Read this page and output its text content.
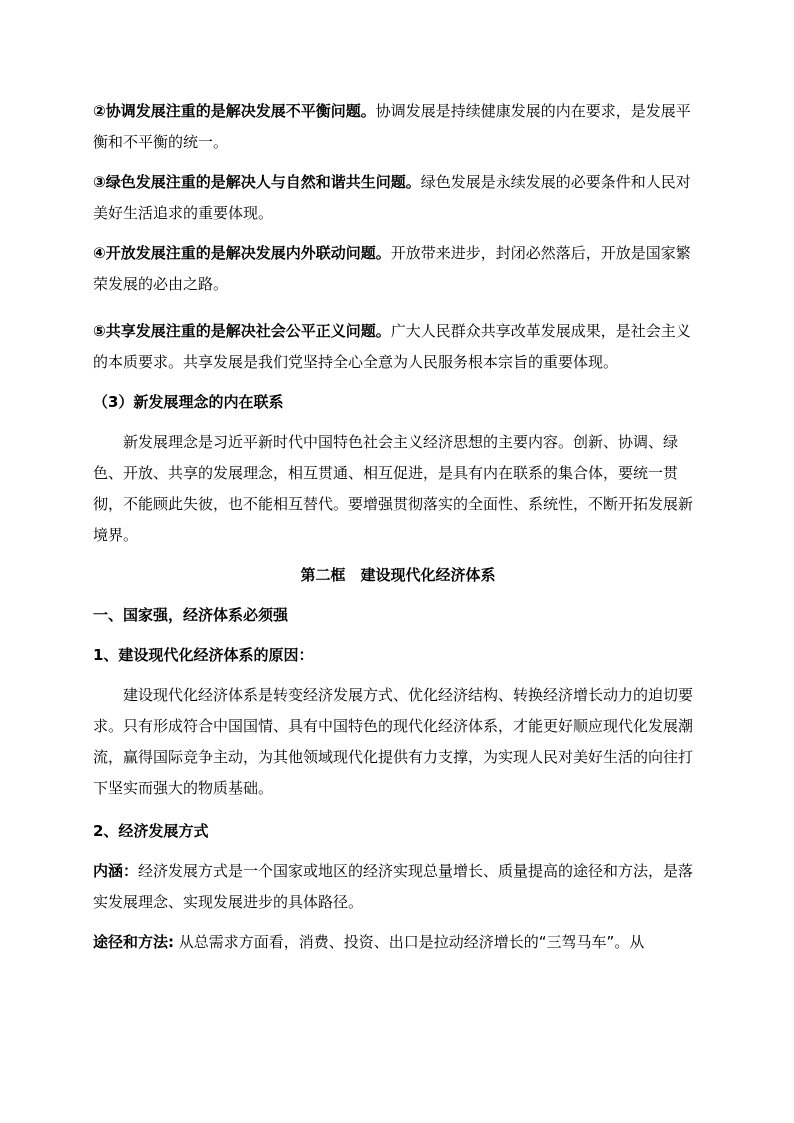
②协调发展注重的是解决发展不平衡问题。协调发展是持续健康发展的内在要求，是发展平衡和不平衡的统一。

③绿色发展注重的是解决人与自然和谐共生问题。绿色发展是永续发展的必要条件和人民对美好生活追求的重要体现。

④开放发展注重的是解决发展内外联动问题。开放带来进步，封闭必然落后，开放是国家繁荣发展的必由之路。

⑤共享发展注重的是解决社会公平正义问题。广大人民群众共享改革发展成果，是社会主义的本质要求。共享发展是我们党坚持全心全意为人民服务根本宗旨的重要体现。

（3）新发展理念的内在联系

新发展理念是习近平新时代中国特色社会主义经济思想的主要内容。创新、协调、绿色、开放、共享的发展理念，相互贯通、相互促进，是具有内在联系的集合体，要统一贯彻，不能顾此失彼，也不能相互替代。要增强贯彻落实的全面性、系统性，不断开拓发展新境界。

第二框　建设现代化经济体系

一、国家强，经济体系必须强

1、建设现代化经济体系的原因：

建设现代化经济体系是转变经济发展方式、优化经济结构、转换经济增长动力的迫切要求。只有形成符合中国国情、具有中国特色的现代化经济体系，才能更好顺应现代化发展潮流，赢得国际竞争主动，为其他领域现代化提供有力支撑，为实现人民对美好生活的向往打下坚实而强大的物质基础。

2、经济发展方式

内涵：经济发展方式是一个国家或地区的经济实现总量增长、质量提高的途径和方法，是落实发展理念、实现发展进步的具体路径。

途径和方法: 从总需求方面看，消费、投资、出口是拉动经济增长的“三驾马车”。从
